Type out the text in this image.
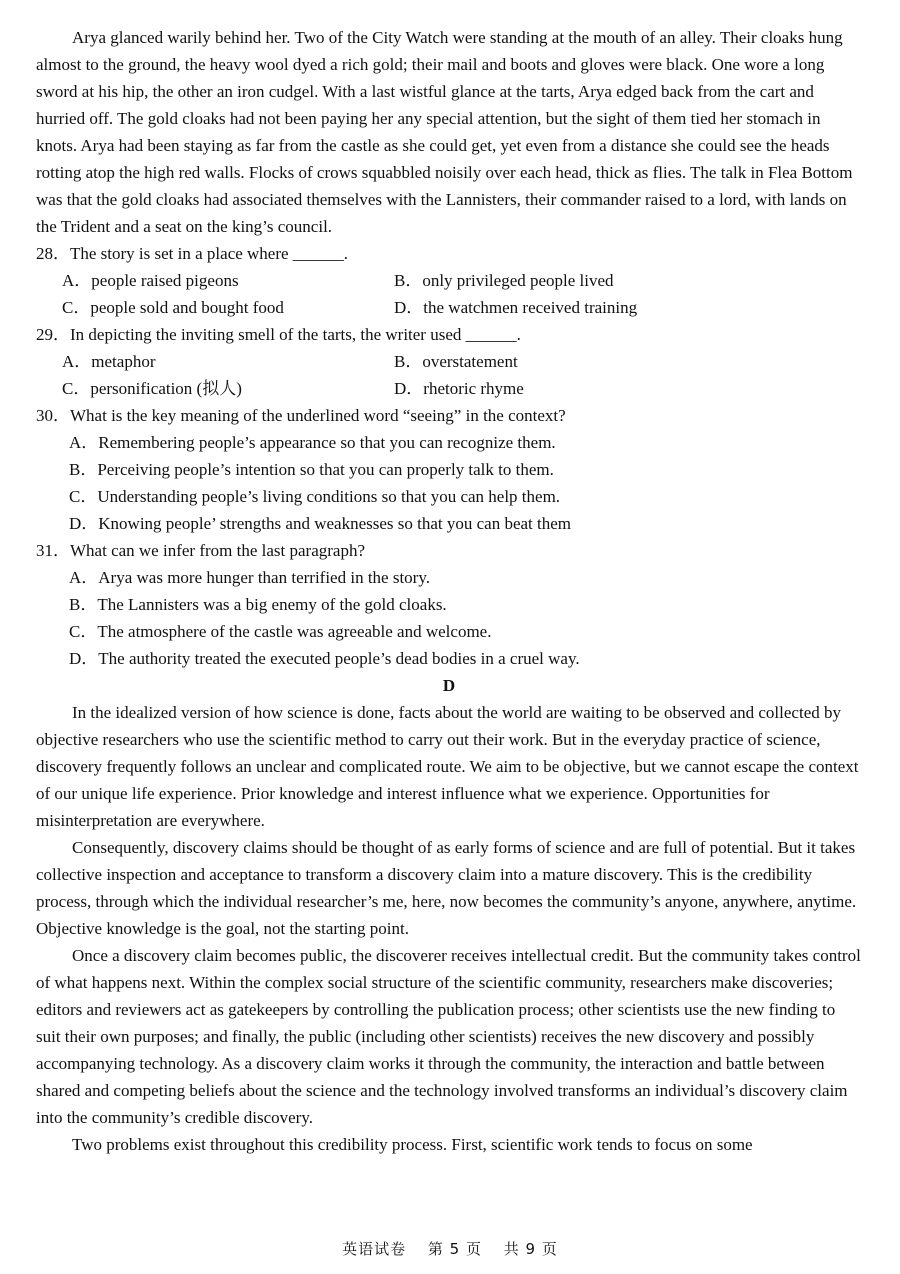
Arya glanced warily behind her. Two of the City Watch were standing at the mouth of an alley. Their cloaks hung almost to the ground, the heavy wool dyed a rich gold; their mail and boots and gloves were black. One wore a long sword at his hip, the other an iron cudgel. With a last wistful glance at the tarts, Arya edged back from the cart and hurried off. The gold cloaks had not been paying her any special attention, but the sight of them tied her stomach in knots. Arya had been staying as far from the castle as she could get, yet even from a distance she could see the heads rotting atop the high red walls. Flocks of crows squabbled noisily over each head, thick as flies. The talk in Flea Bottom was that the gold cloaks had associated themselves with the Lannisters, their commander raised to a lord, with lands on the Trident and a seat on the king’s council.

28．The story is set in a place where ______.

A．people raised pigeons	B．only privileged people lived
C．people sold and bought food	D．the watchmen received training

29．In depicting the inviting smell of the tarts, the writer used ______.

A．metaphor	B．overstatement
C．personification (拟人)	D．rhetoric rhyme

30．What is the key meaning of the underlined word “seeing” in the context?

A．Remembering people’s appearance so that you can recognize them.
B．Perceiving people’s intention so that you can properly talk to them.
C．Understanding people’s living conditions so that you can help them.
D．Knowing people’ strengths and weaknesses so that you can beat them

31．What can we infer from the last paragraph?

A．Arya was more hunger than terrified in the story.
B．The Lannisters was a big enemy of the gold cloaks.
C．The atmosphere of the castle was agreeable and welcome.
D．The authority treated the executed people’s dead bodies in a cruel way.

D

In the idealized version of how science is done, facts about the world are waiting to be observed and collected by objective researchers who use the scientific method to carry out their work. But in the everyday practice of science, discovery frequently follows an unclear and complicated route. We aim to be objective, but we cannot escape the context of our unique life experience. Prior knowledge and interest influence what we experience. Opportunities for misinterpretation are everywhere.

Consequently, discovery claims should be thought of as early forms of science and are full of potential. But it takes collective inspection and acceptance to transform a discovery claim into a mature discovery. This is the credibility process, through which the individual researcher’s me, here, now becomes the community’s anyone, anywhere, anytime. Objective knowledge is the goal, not the starting point.

Once a discovery claim becomes public, the discoverer receives intellectual credit. But the community takes control of what happens next. Within the complex social structure of the scientific community, researchers make discoveries; editors and reviewers act as gatekeepers by controlling the publication process; other scientists use the new finding to suit their own purposes; and finally, the public (including other scientists) receives the new discovery and possibly accompanying technology. As a discovery claim works it through the community, the interaction and battle between shared and competing beliefs about the science and the technology involved transforms an individual’s discovery claim into the community’s credible discovery.

Two problems exist throughout this credibility process. First, scientific work tends to focus on some

英语试卷 第 5 页 共 9 页
